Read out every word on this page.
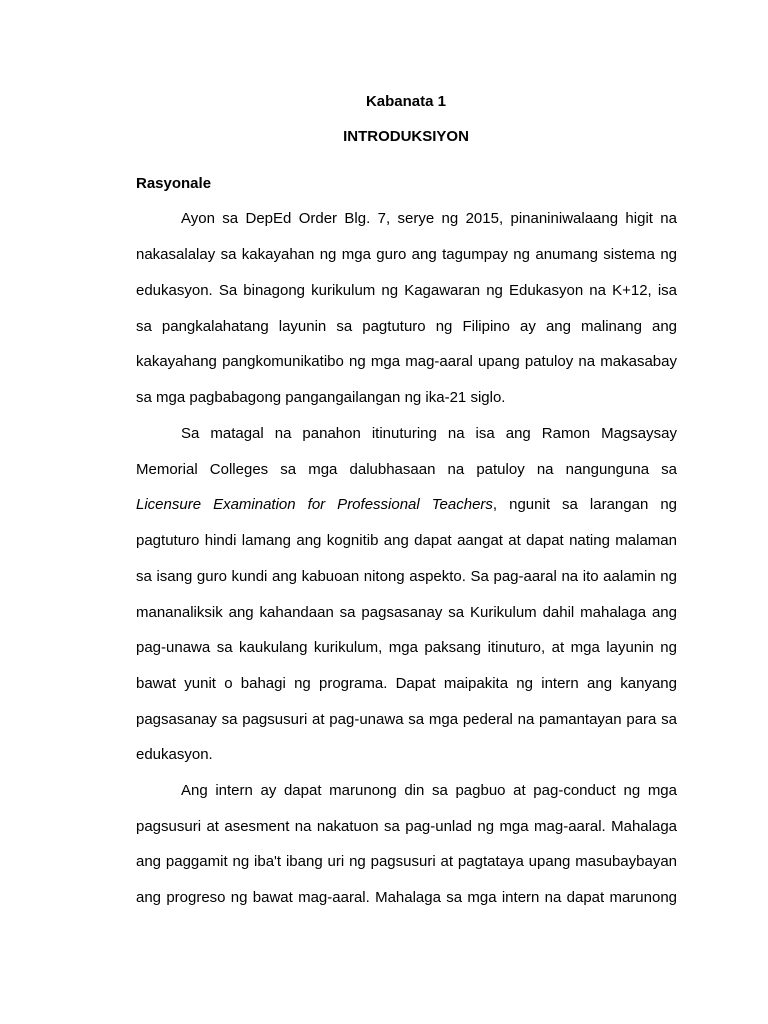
Kabanata 1
INTRODUKSIYON
Rasyonale
Ayon sa DepEd Order Blg. 7, serye ng 2015, pinaniniwalaang higit na
nakasalalay sa kakayahan ng mga guro ang tagumpay ng anumang sistema ng
edukasyon. Sa binagong kurikulum ng Kagawaran ng Edukasyon na K+12, isa
sa pangkalahatang layunin sa pagtuturo ng Filipino ay ang malinang ang
kakayahang pangkomunikatibo ng mga mag-aaral upang patuloy na makasabay
sa mga pagbabagong pangangailangan ng ika-21 siglo.
Sa matagal na panahon itinuturing na isa ang Ramon Magsaysay
Memorial Colleges sa mga dalubhasaan na patuloy na nangunguna sa
Licensure Examination for Professional Teachers, ngunit sa larangan ng
pagtuturo hindi lamang ang kognitib ang dapat aangat at dapat nating malaman
sa isang guro kundi ang kabuoan nitong aspekto. Sa pag-aaral na ito aalamin ng
mananaliksik ang kahandaan sa pagsasanay sa Kurikulum dahil mahalaga ang
pag-unawa sa kaukulang kurikulum, mga paksang itinuturo, at mga layunin ng
bawat yunit o bahagi ng programa. Dapat maipakita ng intern ang kanyang
pagsasanay sa pagsusuri at pag-unawa sa mga pederal na pamantayan para sa
edukasyon.
Ang intern ay dapat marunong din sa pagbuo at pag-conduct ng mga
pagsusuri at asesment na nakatuon sa pag-unlad ng mga mag-aaral. Mahalaga
ang paggamit ng iba't ibang uri ng pagsusuri at pagtataya upang masubaybayan
ang progreso ng bawat mag-aaral. Mahalaga sa mga intern na dapat marunong
